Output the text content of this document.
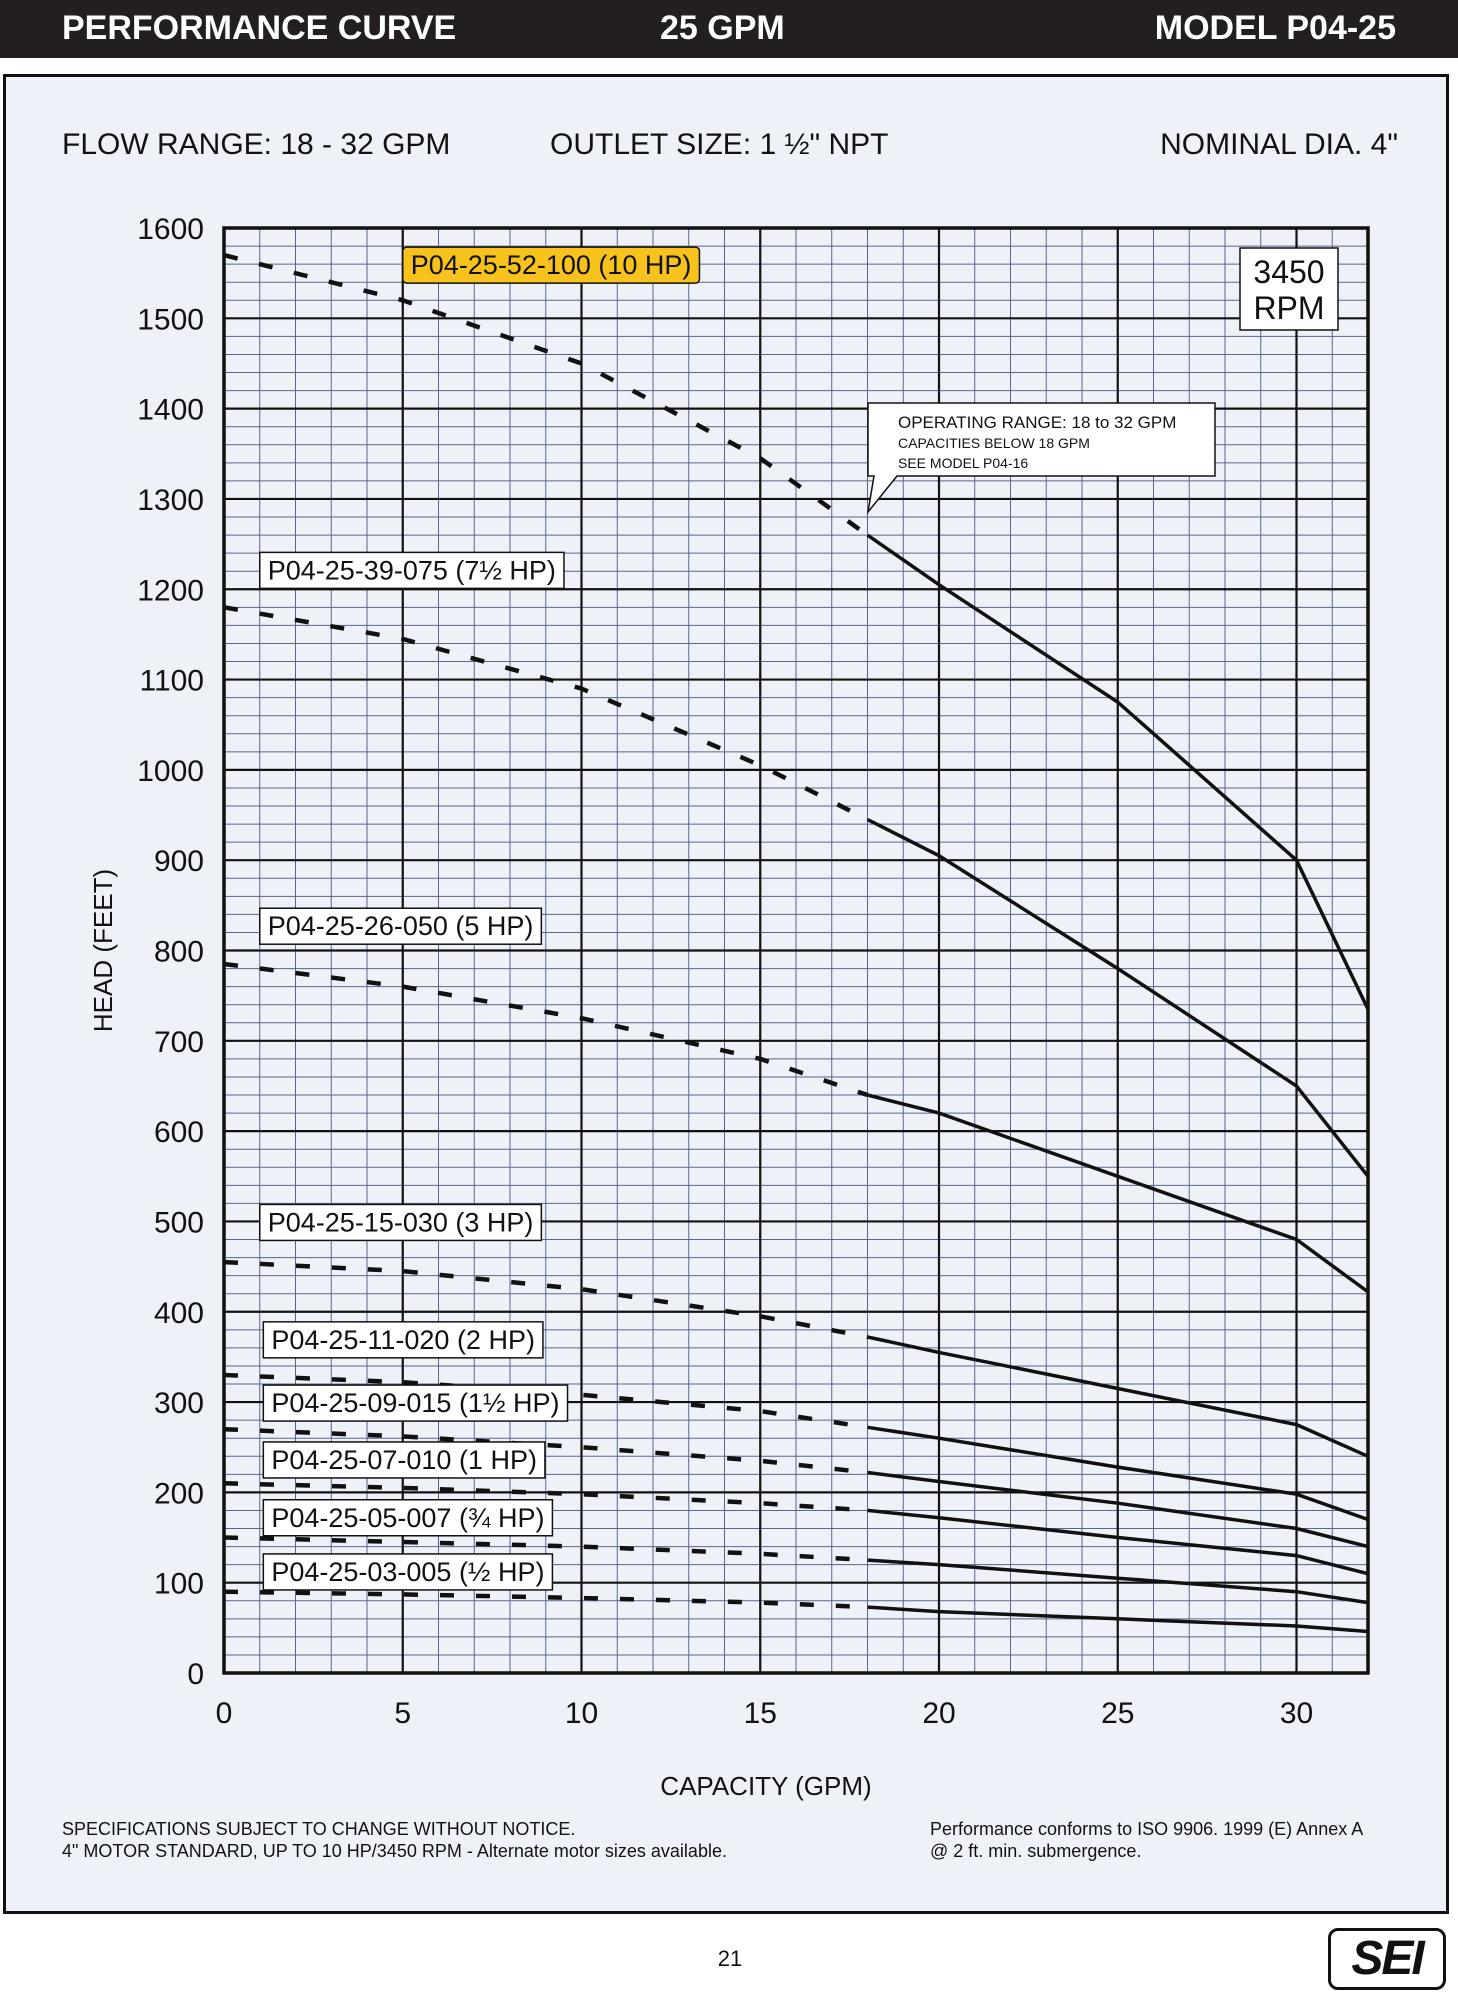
PERFORMANCE CURVE	25 GPM	MODEL P04-25
FLOW RANGE: 18 - 32 GPM	OUTLET SIZE: 1 ½" NPT	NOMINAL DIA. 4"
0
100
200
300
400
500
600
700
800
900
1000
1100
1200
1300
1400
1500
1600
0	5	10	15	20	25	30
CAPACITY (GPM)
HEAD (FEET)
P04-25-52-100 (10 HP)
P04-25-39-075 (7½ HP)
P04-25-26-050 (5 HP)
P04-25-15-030 (3 HP)
P04-25-11-020 (2 HP)
P04-25-09-015 (1½ HP)
P04-25-07-010 (1 HP)
P04-25-05-007 (¾ HP)
P04-25-03-005 (½ HP)
3450
RPM
OPERATING RANGE: 18 to 32 GPM
CAPACITIES BELOW 18 GPM
SEE MODEL P04-16
SPECIFICATIONS SUBJECT TO CHANGE WITHOUT NOTICE.
4" MOTOR STANDARD, UP TO 10 HP/3450 RPM - Alternate motor sizes available.
Performance conforms to ISO 9906. 1999 (E) Annex A
@ 2 ft. min. submergence.
21	SEI
